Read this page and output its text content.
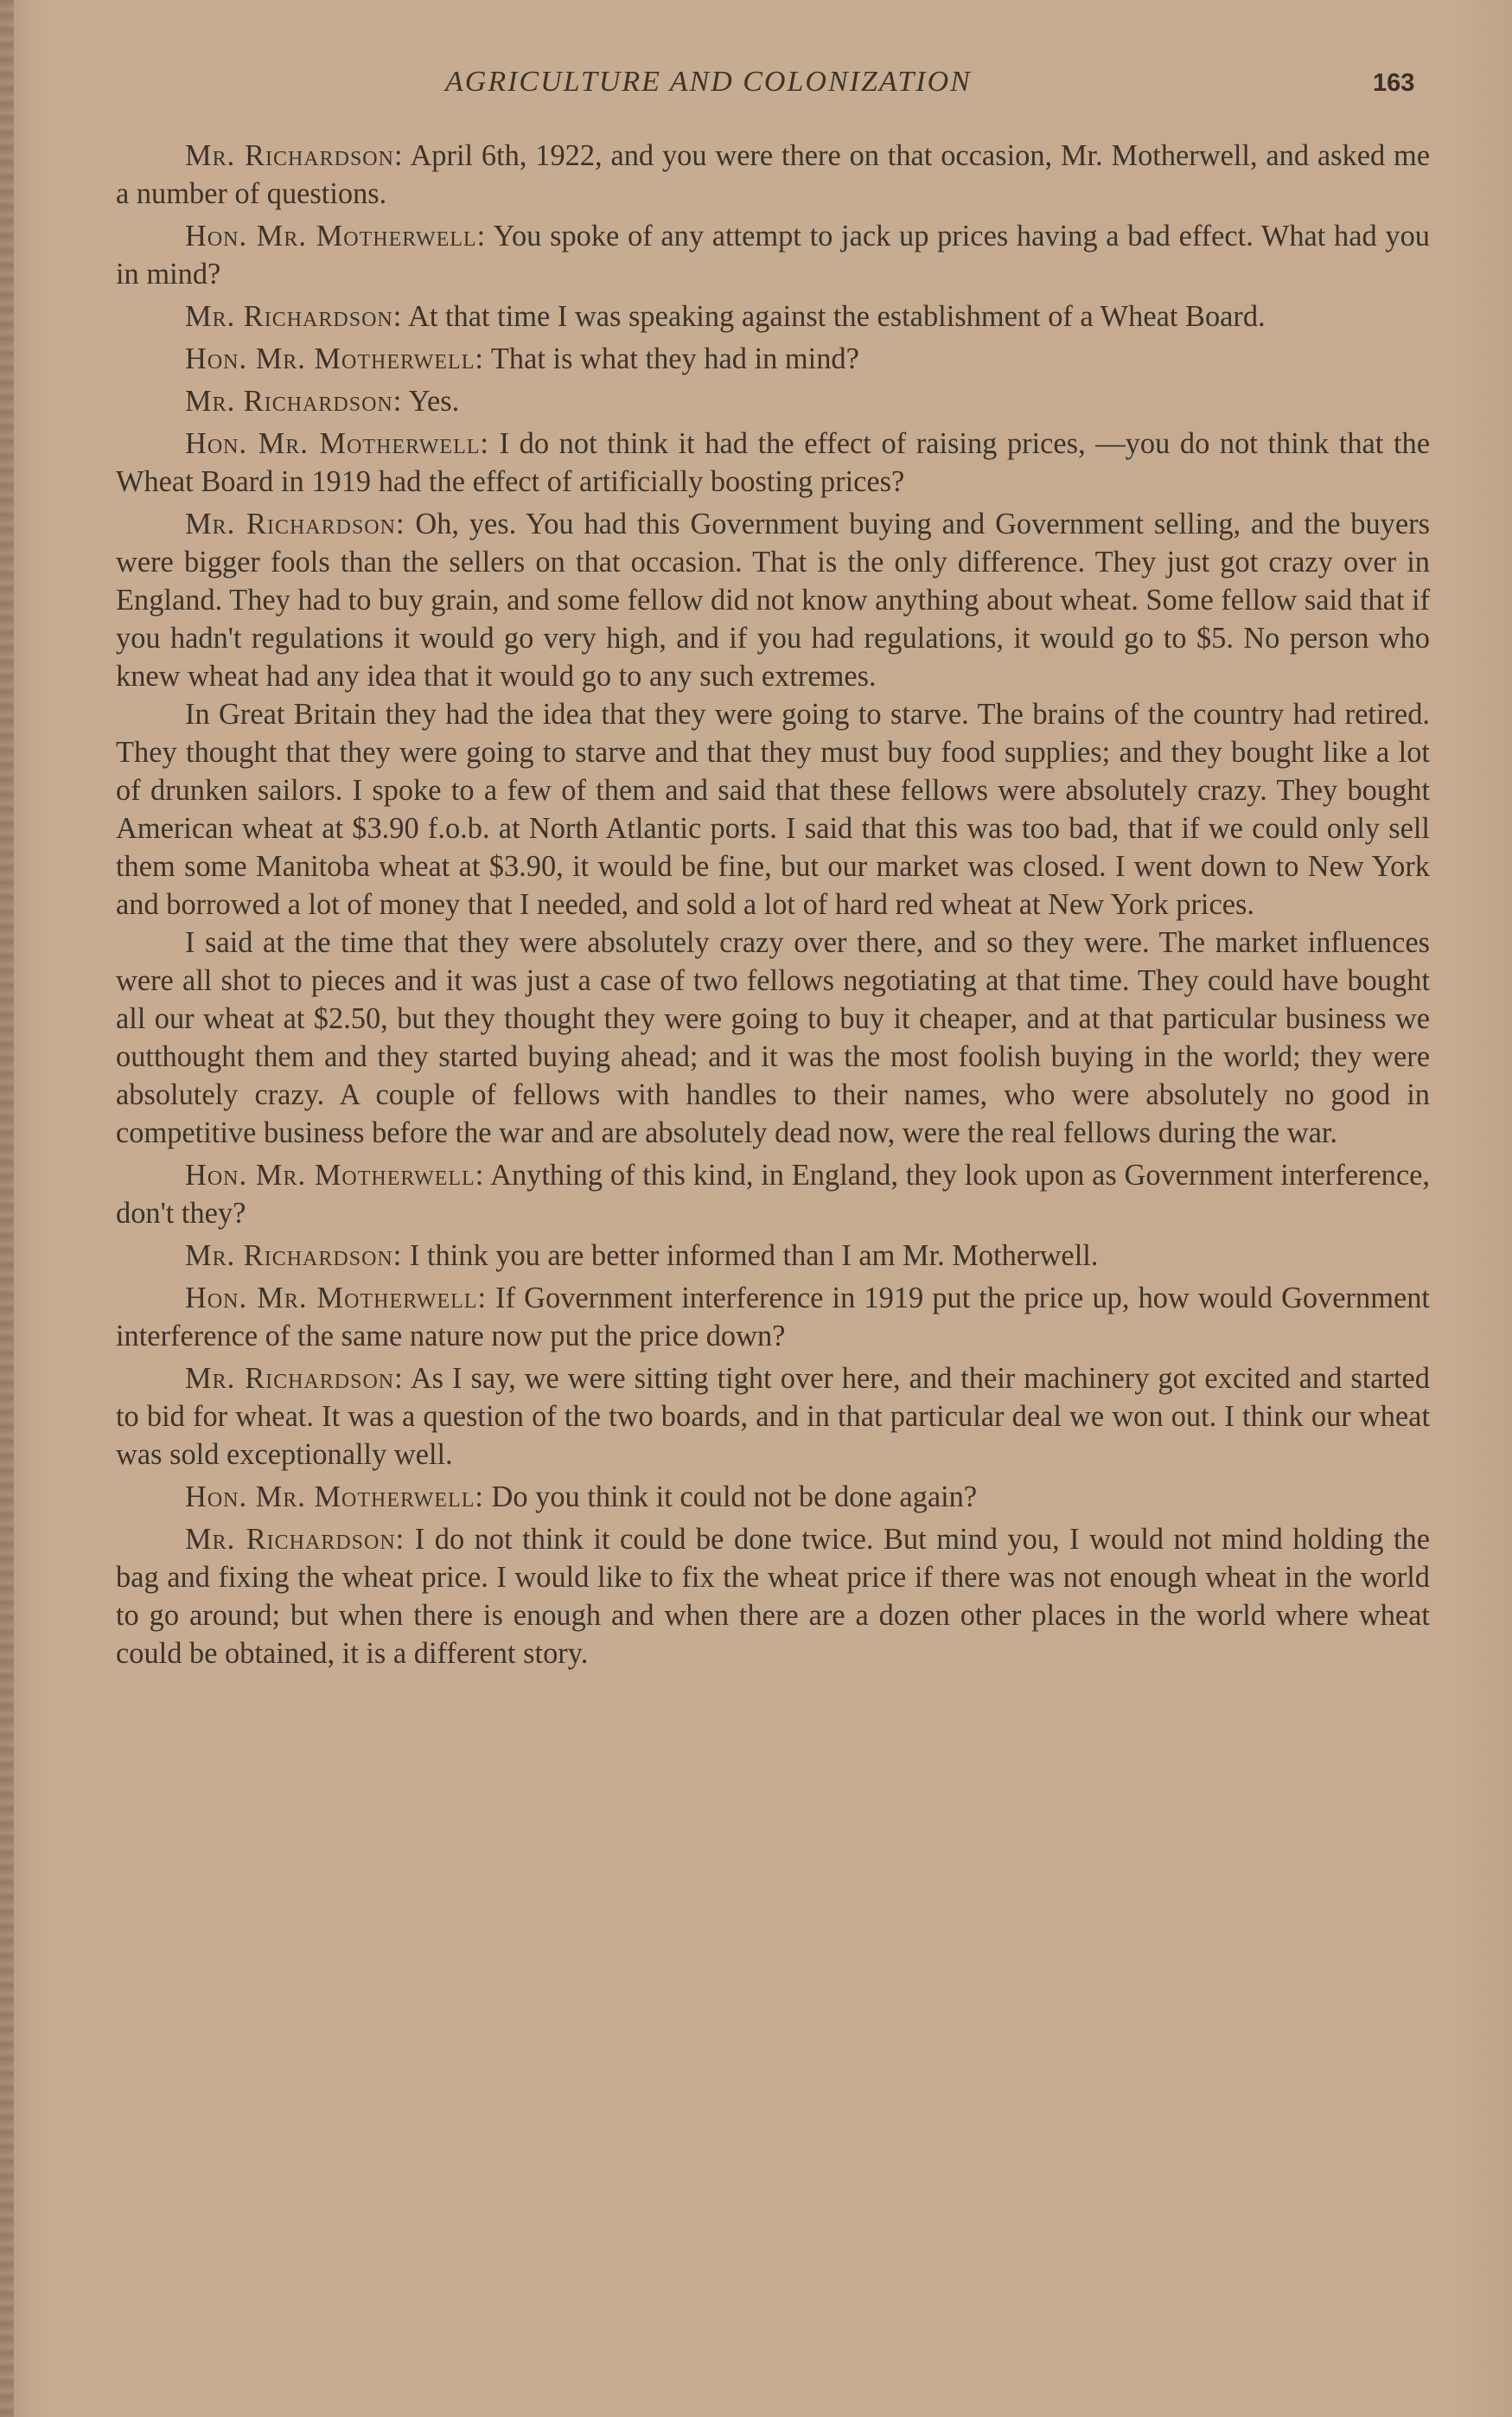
AGRICULTURE AND COLONIZATION	163

Mr. Richardson: April 6th, 1922, and you were there on that occasion, Mr. Motherwell, and asked me a number of questions.

Hon. Mr. Motherwell: You spoke of any attempt to jack up prices having a bad effect. What had you in mind?

Mr. Richardson: At that time I was speaking against the establishment of a Wheat Board.

Hon. Mr. Motherwell: That is what they had in mind?

Mr. Richardson: Yes.

Hon. Mr. Motherwell: I do not think it had the effect of raising prices, —you do not think that the Wheat Board in 1919 had the effect of artificially boosting prices?

Mr. Richardson: Oh, yes. You had this Government buying and Government selling, and the buyers were bigger fools than the sellers on that occasion. That is the only difference. They just got crazy over in England. They had to buy grain, and some fellow did not know anything about wheat. Some fellow said that if you hadn't regulations it would go very high, and if you had regulations, it would go to $5. No person who knew wheat had any idea that it would go to any such extremes.

In Great Britain they had the idea that they were going to starve. The brains of the country had retired. They thought that they were going to starve and that they must buy food supplies; and they bought like a lot of drunken sailors. I spoke to a few of them and said that these fellows were absolutely crazy. They bought American wheat at $3.90 f.o.b. at North Atlantic ports. I said that this was too bad, that if we could only sell them some Manitoba wheat at $3.90, it would be fine, but our market was closed. I went down to New York and borrowed a lot of money that I needed, and sold a lot of hard red wheat at New York prices.

I said at the time that they were absolutely crazy over there, and so they were. The market influences were all shot to pieces and it was just a case of two fellows negotiating at that time. They could have bought all our wheat at $2.50, but they thought they were going to buy it cheaper, and at that particular business we outthought them and they started buying ahead; and it was the most foolish buying in the world; they were absolutely crazy. A couple of fellows with handles to their names, who were absolutely no good in competitive business before the war and are absolutely dead now, were the real fellows during the war.

Hon. Mr. Motherwell: Anything of this kind, in England, they look upon as Government interference, don't they?

Mr. Richardson: I think you are better informed than I am Mr. Motherwell.

Hon. Mr. Motherwell: If Government interference in 1919 put the price up, how would Government interference of the same nature now put the price down?

Mr. Richardson: As I say, we were sitting tight over here, and their machinery got excited and started to bid for wheat. It was a question of the two boards, and in that particular deal we won out. I think our wheat was sold exceptionally well.

Hon. Mr. Motherwell: Do you think it could not be done again?

Mr. Richardson: I do not think it could be done twice. But mind you, I would not mind holding the bag and fixing the wheat price. I would like to fix the wheat price if there was not enough wheat in the world to go around; but when there is enough and when there are a dozen other places in the world where wheat could be obtained, it is a different story.
